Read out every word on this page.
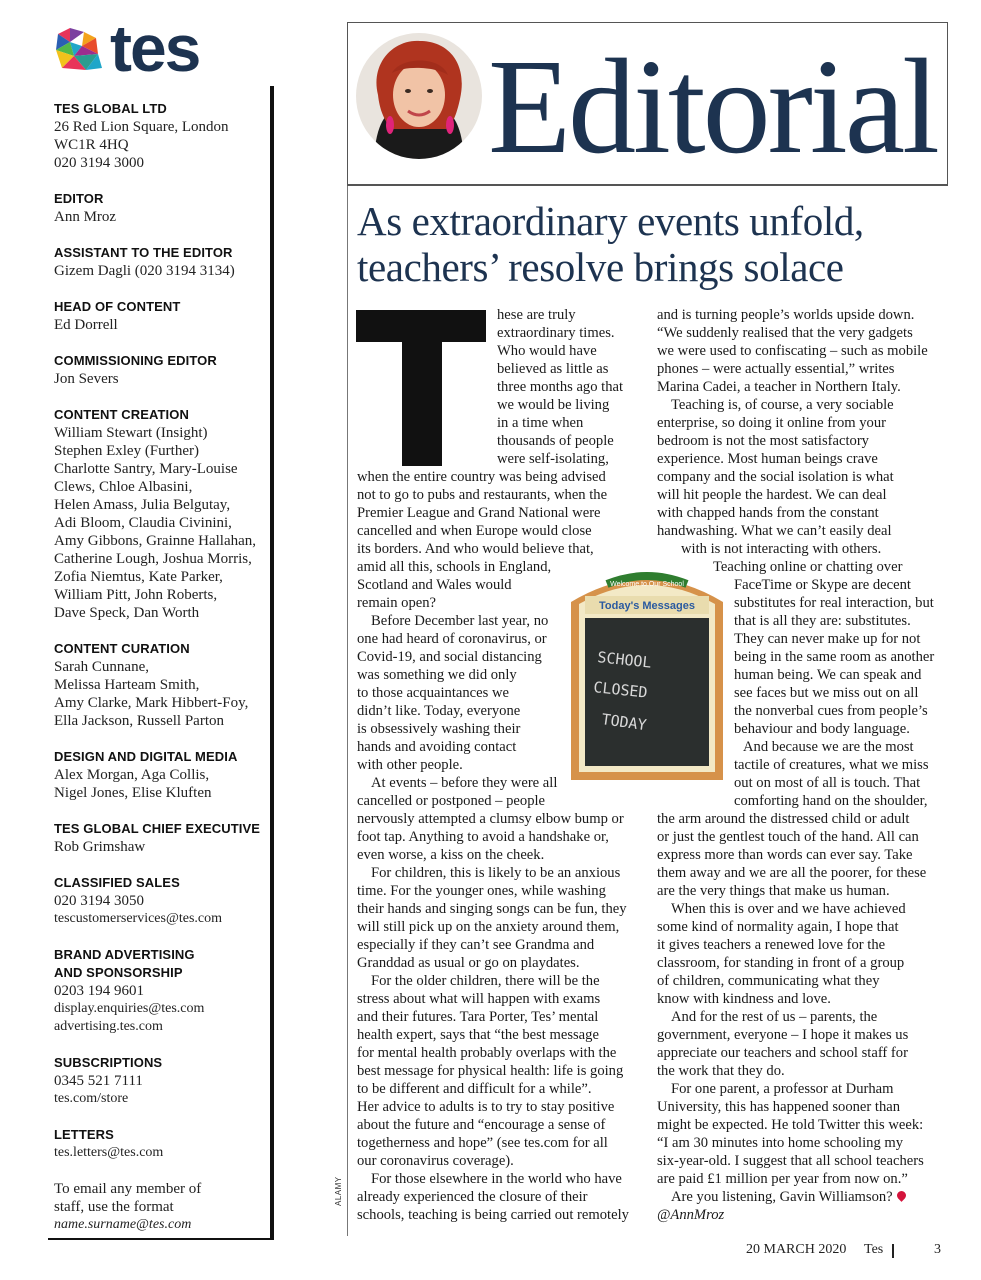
tes
TES GLOBAL LTD
26 Red Lion Square, London
WC1R 4HQ
020 3194 3000
EDITOR
Ann Mroz
ASSISTANT TO THE EDITOR
Gizem Dagli (020 3194 3134)
HEAD OF CONTENT
Ed Dorrell
COMMISSIONING EDITOR
Jon Severs
CONTENT CREATION
William Stewart (Insight)
Stephen Exley (Further)
Charlotte Santry, Mary-Louise
Clews, Chloe Albasini,
Helen Amass, Julia Belgutay,
Adi Bloom, Claudia Civinini,
Amy Gibbons, Grainne Hallahan,
Catherine Lough, Joshua Morris,
Zofia Niemtus, Kate Parker,
William Pitt, John Roberts,
Dave Speck, Dan Worth
CONTENT CURATION
Sarah Cunnane,
Melissa Harteam Smith,
Amy Clarke, Mark Hibbert-Foy,
Ella Jackson, Russell Parton
DESIGN AND DIGITAL MEDIA
Alex Morgan, Aga Collis,
Nigel Jones, Elise Kluften
TES GLOBAL CHIEF EXECUTIVE
Rob Grimshaw
CLASSIFIED SALES
020 3194 3050
tescustomerservices@tes.com
BRAND ADVERTISING
AND SPONSORSHIP
0203 194 9601
display.enquiries@tes.com
advertising.tes.com
SUBSCRIPTIONS
0345 521 7111
tes.com/store
LETTERS
tes.letters@tes.com
To email any member of
staff, use the format
name.surname@tes.com
ALAMY
Editorial
As extraordinary events unfold,
teachers’ resolve brings solace
hese are truly
extraordinary times.
Who would have
believed as little as
three months ago that
we would be living
in a time when
thousands of people
were self-isolating,
when the entire country was being advised
not to go to pubs and restaurants, when the
Premier League and Grand National were
cancelled and when Europe would close
its borders. And who would believe that,
amid all this, schools in England,
Scotland and Wales would
remain open?
Before December last year, no
one had heard of coronavirus, or
Covid-19, and social distancing
was something we did only
to those acquaintances we
didn’t like. Today, everyone
is obsessively washing their
hands and avoiding contact
with other people.
At events – before they were all
cancelled or postponed – people
nervously attempted a clumsy elbow bump or
foot tap. Anything to avoid a handshake or,
even worse, a kiss on the cheek.
For children, this is likely to be an anxious
time. For the younger ones, while washing
their hands and singing songs can be fun, they
will still pick up on the anxiety around them,
especially if they can’t see Grandma and
Granddad as usual or go on playdates.
For the older children, there will be the
stress about what will happen with exams
and their futures. Tara Porter, Tes’ mental
health expert, says that “the best message
for mental health probably overlaps with the
best message for physical health: life is going
to be different and difficult for a while”.
Her advice to adults is to try to stay positive
about the future and “encourage a sense of
togetherness and hope” (see tes.com for all
our coronavirus coverage).
For those elsewhere in the world who have
already experienced the closure of their
schools, teaching is being carried out remotely
and is turning people’s worlds upside down.
“We suddenly realised that the very gadgets
we were used to confiscating – such as mobile
phones – were actually essential,” writes
Marina Cadei, a teacher in Northern Italy.
Teaching is, of course, a very sociable
enterprise, so doing it online from your
bedroom is not the most satisfactory
experience. Most human beings crave
company and the social isolation is what
will hit people the hardest. We can deal
with chapped hands from the constant
handwashing. What we can’t easily deal
with is not interacting with others.
Teaching online or chatting over
FaceTime or Skype are decent
substitutes for real interaction, but
that is all they are: substitutes.
They can never make up for not
being in the same room as another
human being. We can speak and
see faces but we miss out on all
the nonverbal cues from people’s
behaviour and body language.
And because we are the most
tactile of creatures, what we miss
out on most of all is touch. That
comforting hand on the shoulder,
the arm around the distressed child or adult
or just the gentlest touch of the hand. All can
express more than words can ever say. Take
them away and we are all the poorer, for these
are the very things that make us human.
When this is over and we have achieved
some kind of normality again, I hope that
it gives teachers a renewed love for the
classroom, for standing in front of a group
of children, communicating what they
know with kindness and love.
And for the rest of us – parents, the
government, everyone – I hope it makes us
appreciate our teachers and school staff for
the work that they do.
For one parent, a professor at Durham
University, this has happened sooner than
might be expected. He told Twitter this week:
“I am 30 minutes into home schooling my
six-year-old. I suggest that all school teachers
are paid £1 million per year from now on.”
Are you listening, Gavin Williamson?
@AnnMroz
Welcome to Our School
Today's Messages
SCHOOL
CLOSED
TODAY
20 MARCH 2020 Tes	3
